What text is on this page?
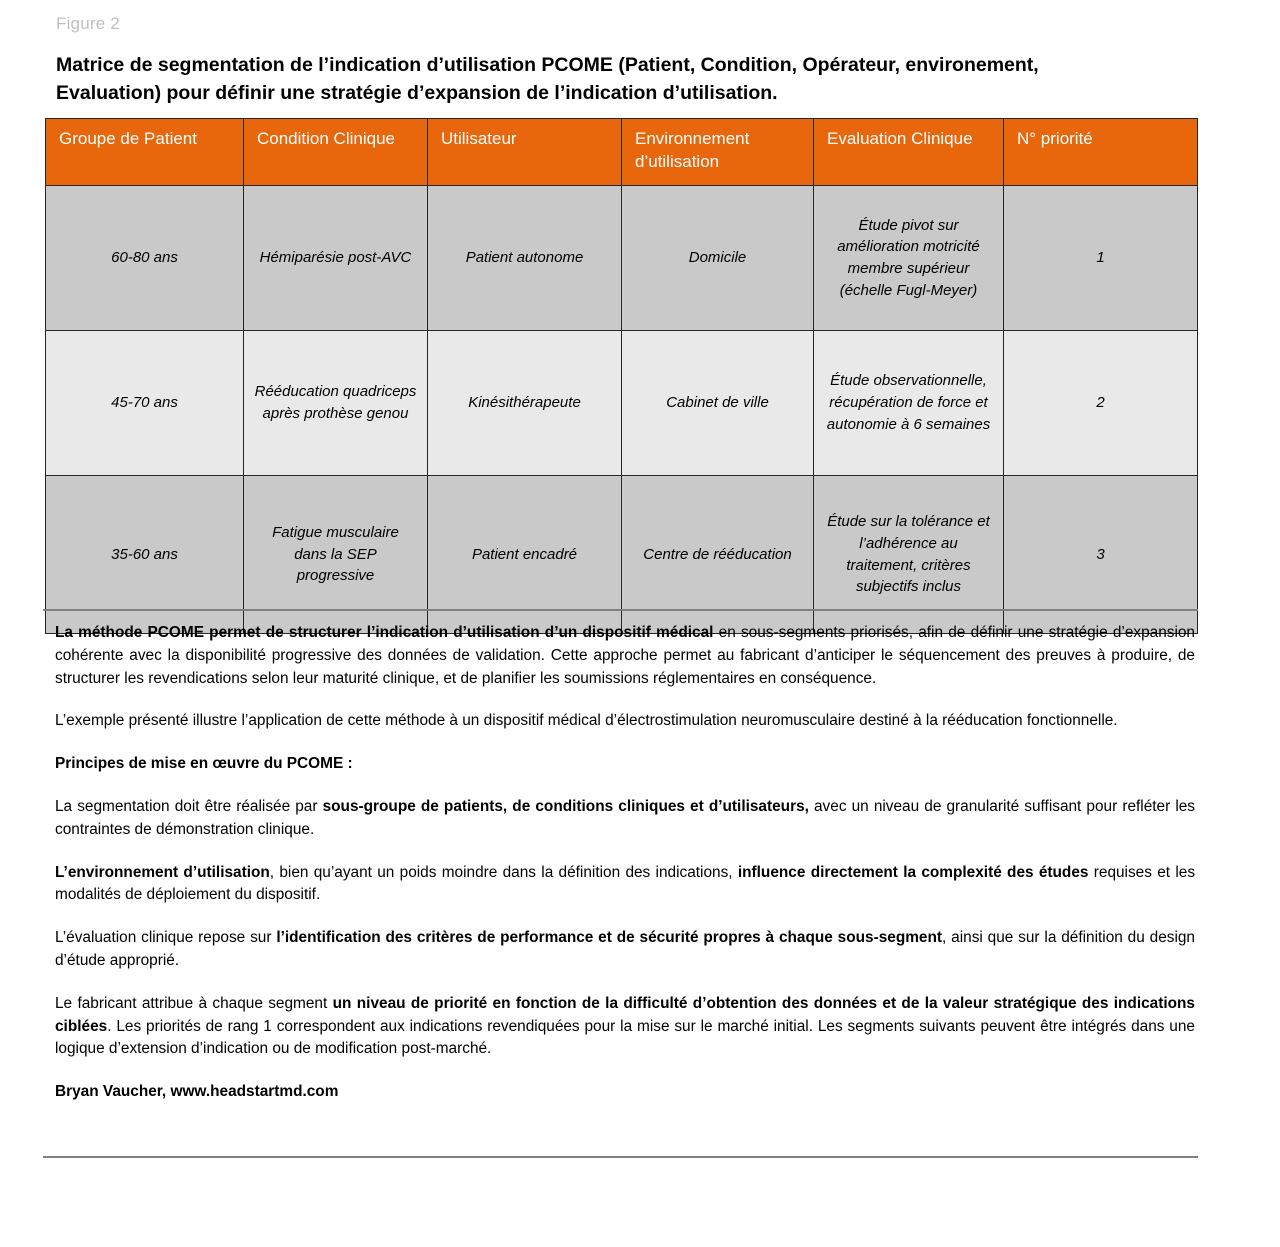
Figure 2
Matrice de segmentation de l’indication d’utilisation PCOME (Patient, Condition, Opérateur, environement, Evaluation) pour définir une stratégie d’expansion de l’indication d’utilisation.
Groupe de Patient	Condition Clinique	Utilisateur	Environnement d’utilisation	Evaluation Clinique	N° priorité
60-80 ans	Hémiparésie post-AVC	Patient autonome	Domicile	Étude pivot sur amélioration motricité membre supérieur (échelle Fugl-Meyer)	1
45-70 ans	Rééducation quadriceps après prothèse genou	Kinésithérapeute	Cabinet de ville	Étude observationnelle, récupération de force et autonomie à 6 semaines	2
35-60 ans	Fatigue musculaire dans la SEP progressive	Patient encadré	Centre de rééducation	Étude sur la tolérance et l’adhérence au traitement, critères subjectifs inclus	3

La méthode PCOME permet de structurer l’indication d’utilisation d’un dispositif médical en sous-segments priorisés, afin de définir une stratégie d’expansion cohérente avec la disponibilité progressive des données de validation. Cette approche permet au fabricant d’anticiper le séquencement des preuves à produire, de structurer les revendications selon leur maturité clinique, et de planifier les soumissions réglementaires en conséquence.

L’exemple présenté illustre l’application de cette méthode à un dispositif médical d’électrostimulation neuromusculaire destiné à la rééducation fonctionnelle.

Principes de mise en œuvre du PCOME :

La segmentation doit être réalisée par sous-groupe de patients, de conditions cliniques et d’utilisateurs, avec un niveau de granularité suffisant pour refléter les contraintes de démonstration clinique.

L’environnement d’utilisation, bien qu’ayant un poids moindre dans la définition des indications, influence directement la complexité des études requises et les modalités de déploiement du dispositif.

L’évaluation clinique repose sur l’identification des critères de performance et de sécurité propres à chaque sous-segment, ainsi que sur la définition du design d’étude approprié.

Le fabricant attribue à chaque segment un niveau de priorité en fonction de la difficulté d’obtention des données et de la valeur stratégique des indications ciblées. Les priorités de rang 1 correspondent aux indications revendiquées pour la mise sur le marché initial. Les segments suivants peuvent être intégrés dans une logique d’extension d’indication ou de modification post-marché.

Bryan Vaucher, www.headstartmd.com
